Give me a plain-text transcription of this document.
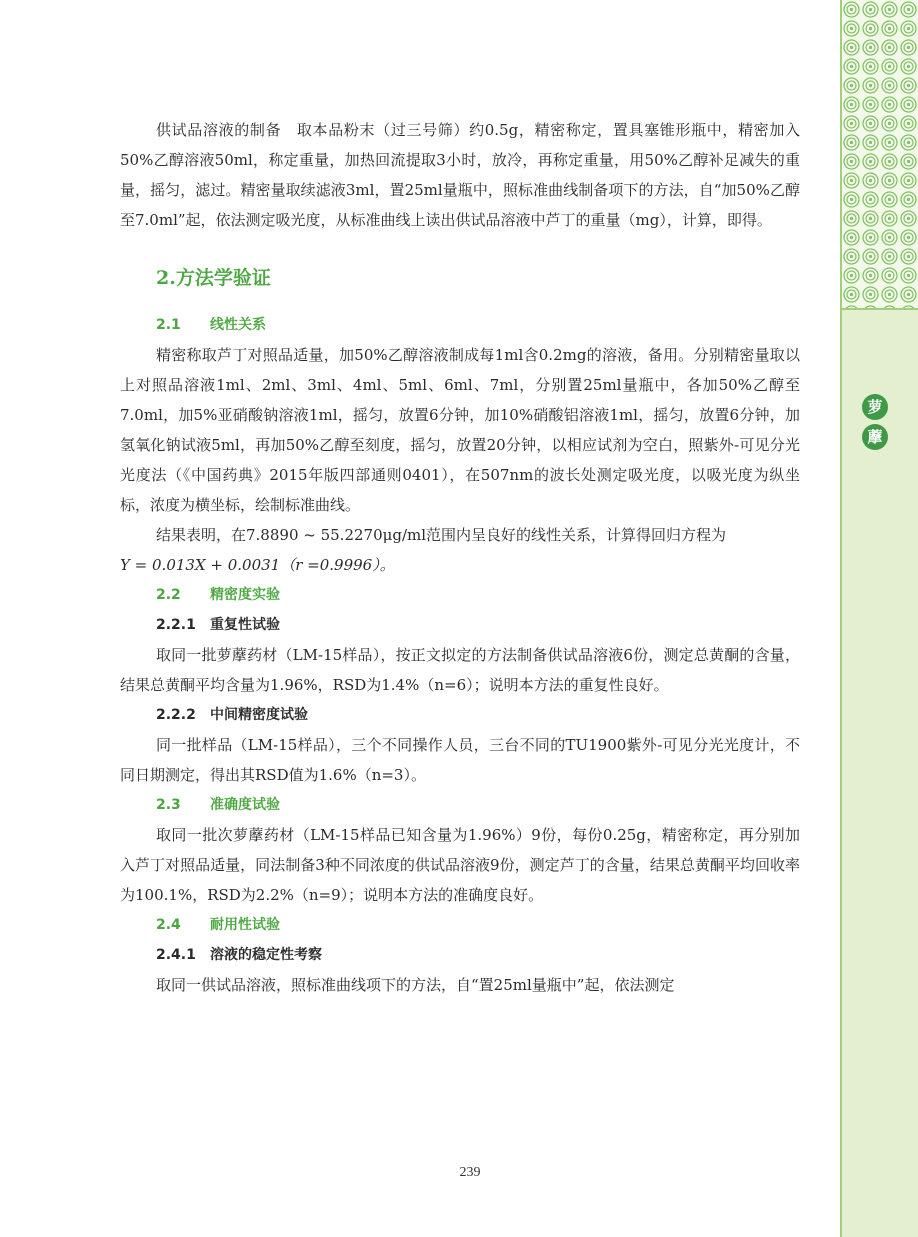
萝
藦

供试品溶液的制备　取本品粉末（过三号筛）约0.5g，精密称定，置具塞锥形瓶中，精密加入50%乙醇溶液50ml，称定重量，加热回流提取3小时，放冷，再称定重量，用50%乙醇补足减失的重量，摇匀，滤过。精密量取续滤液3ml，置25ml量瓶中，照标准曲线制备项下的方法，自“加50%乙醇至7.0ml”起，依法测定吸光度，从标准曲线上读出供试品溶液中芦丁的重量（mg），计算，即得。

2.方法学验证
2.1 线性关系

精密称取芦丁对照品适量，加50%乙醇溶液制成每1ml含0.2mg的溶液，备用。分别精密量取以上对照品溶液1ml、2ml、3ml、4ml、5ml、6ml、7ml，分别置25ml量瓶中，各加50%乙醇至7.0ml，加5%亚硝酸钠溶液1ml，摇匀，放置6分钟，加10%硝酸铝溶液1ml，摇匀，放置6分钟，加氢氧化钠试液5ml，再加50%乙醇至刻度，摇匀，放置20分钟，以相应试剂为空白，照紫外-可见分光光度法（《中国药典》2015年版四部通则0401），在507nm的波长处测定吸光度，以吸光度为纵坐标，浓度为横坐标，绘制标准曲线。

结果表明，在7.8890 ~ 55.2270μg/ml范围内呈良好的线性关系，计算得回归方程为

Y = 0.013X + 0.0031（r =0.9996）。

2.2 精密度实验
2.2.1 重复性试验

取同一批萝藦药材（LM-15样品），按正文拟定的方法制备供试品溶液6份，测定总黄酮的含量，结果总黄酮平均含量为1.96%，RSD为1.4%（n=6）；说明本方法的重复性良好。

2.2.2 中间精密度试验

同一批样品（LM-15样品），三个不同操作人员，三台不同的TU1900紫外-可见分光光度计，不同日期测定，得出其RSD值为1.6%（n=3）。

2.3 准确度试验

取同一批次萝藦药材（LM-15样品已知含量为1.96%）9份，每份0.25g，精密称定，再分别加入芦丁对照品适量，同法制备3种不同浓度的供试品溶液9份，测定芦丁的含量，结果总黄酮平均回收率为100.1%，RSD为2.2%（n=9）；说明本方法的准确度良好。

2.4 耐用性试验
2.4.1 溶液的稳定性考察

取同一供试品溶液，照标准曲线项下的方法，自“置25ml量瓶中”起，依法测定

239
